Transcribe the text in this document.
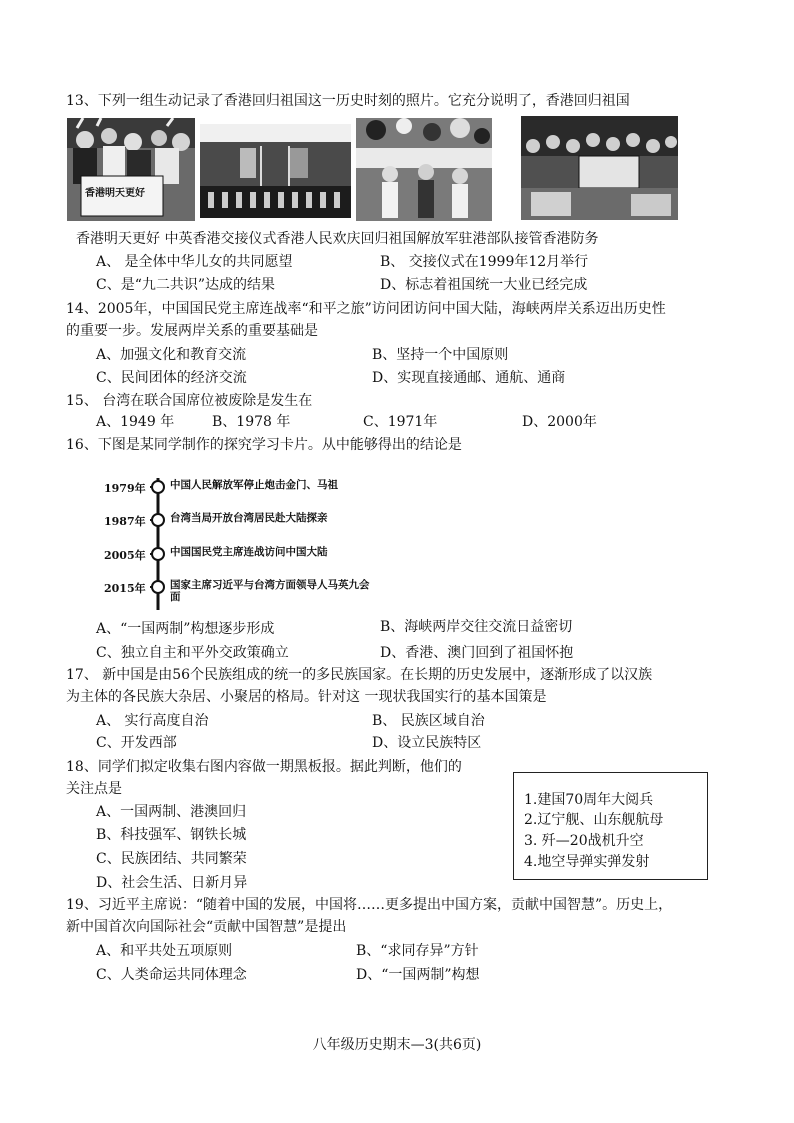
13、下列一组生动记录了香港回归祖国这一历史时刻的照片。它充分说明了，香港回归祖国
香港明天更好
香港明天更好 中英香港交接仪式香港人民欢庆回归祖国解放军驻港部队接管香港防务
A、 是全体中华儿女的共同愿望	B、 交接仪式在1999年12月举行
C、是“九二共识”达成的结果	D、标志着祖国统一大业已经完成
14、2005年，中国国民党主席连战率“和平之旅”访问团访问中国大陆，海峡两岸关系迈出历史性
的重要一步。发展两岸关系的重要基础是
A、加强文化和教育交流	B、坚持一个中国原则
C、民间团体的经济交流	D、实现直接通邮、通航、通商
15、 台湾在联合国席位被废除是发生在
A、1949 年	B、1978 年	C、1971年	D、2000年
16、下图是某同学制作的探究学习卡片。从中能够得出的结论是
1979年 中国人民解放军停止炮击金门、马祖
1987年 台湾当局开放台湾居民赴大陆探亲
2005年 中国国民党主席连战访问中国大陆
2015年 国家主席习近平与台湾方面领导人马英九会面
A、“一国两制”构想逐步形成	B、海峡两岸交往交流日益密切
C、独立自主和平外交政策确立	D、香港、澳门回到了祖国怀抱
17、 新中国是由56个民族组成的统一的多民族国家。在长期的历史发展中，逐渐形成了以汉族
为主体的各民族大杂居、小聚居的格局。针对这 一现状我国实行的基本国策是
A、 实行高度自治	B、 民族区域自治
C、开发西部	D、设立民族特区
18、同学们拟定收集右图内容做一期黑板报。据此判断，他们的
关注点是
1.建国70周年大阅兵
2.辽宁舰、山东舰航母
3. 歼—20战机升空
4.地空导弹实弹发射
A、一国两制、港澳回归
B、科技强军、钢铁长城
C、民族团结、共同繁荣
D、社会生活、日新月异
19、习近平主席说：“随着中国的发展，中国将……更多提出中国方案，贡献中国智慧”。历史上，
新中国首次向国际社会“贡献中国智慧”是提出
A、和平共处五项原则	B、“求同存异”方针
C、人类命运共同体理念	D、“一国两制”构想
八年级历史期末—3(共6页)
